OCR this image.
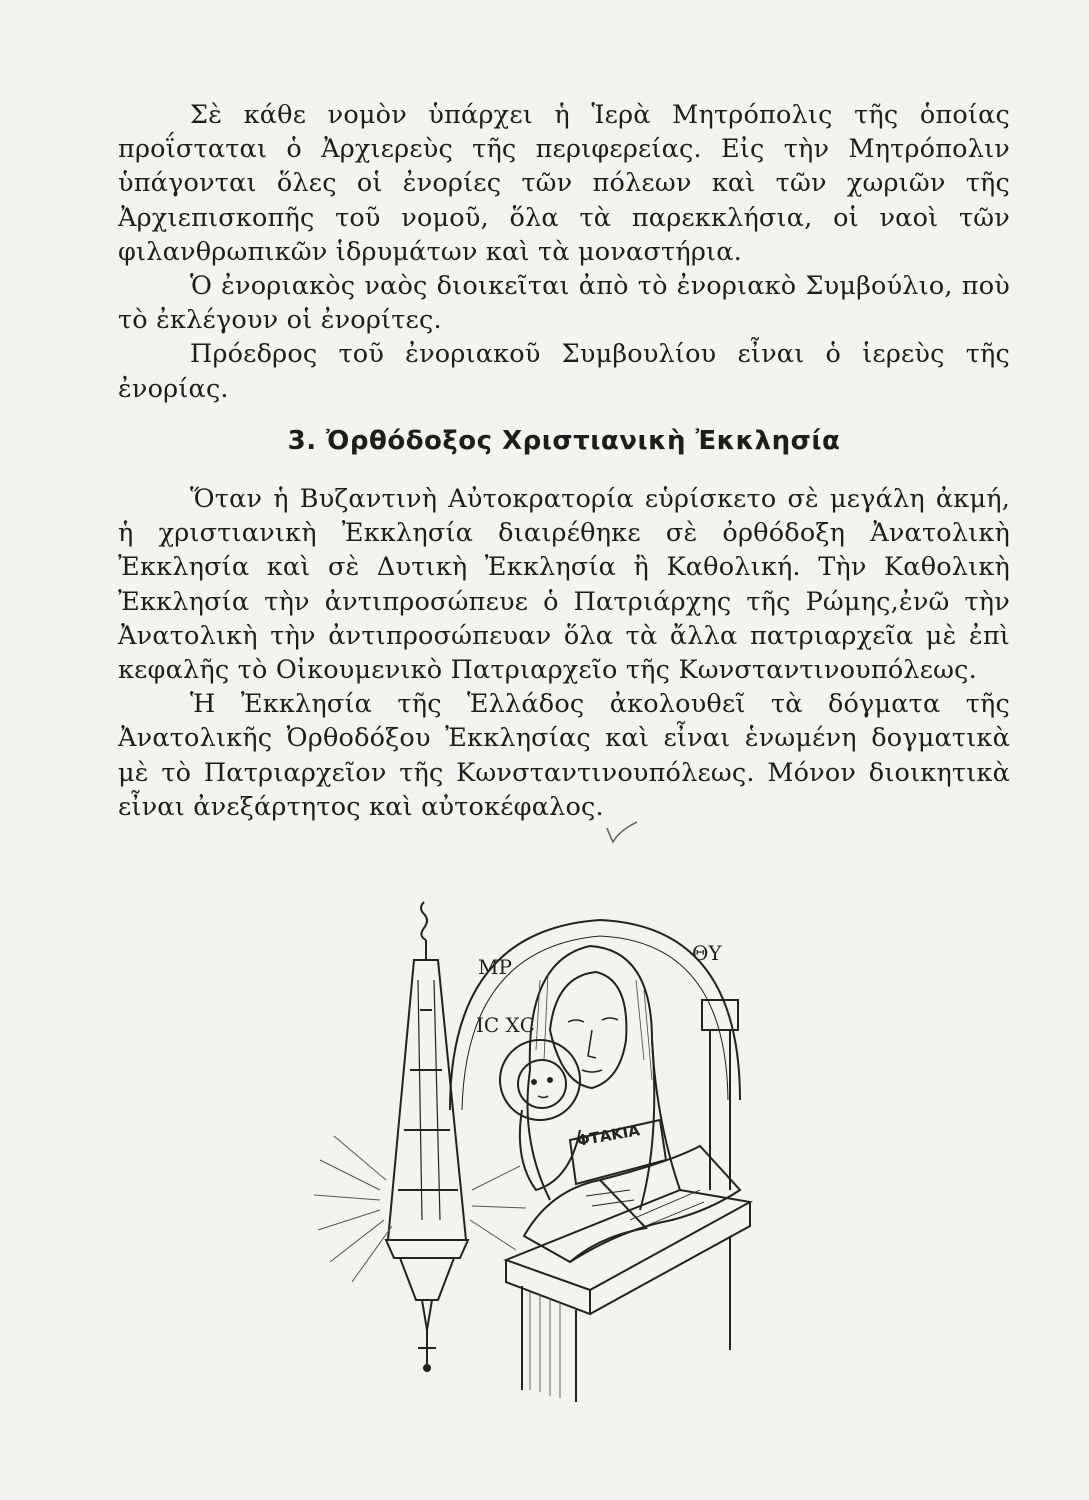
Σὲ κάθε νομὸν ὑπάρχει ἡ Ἱερὰ Μητρόπολις τῆς ὁποίας προΐσταται ὁ Ἀρχιερεὺς τῆς περιφερείας. Εἰς τὴν Μητρόπολιν ὑπάγονται ὅλες οἱ ἐνορίες τῶν πόλεων καὶ τῶν χωριῶν τῆς Ἀρχιεπισκοπῆς τοῦ νομοῦ, ὅλα τὰ παρεκκλήσια, οἱ ναοὶ τῶν φιλανθρωπικῶν ἱδρυμάτων καὶ τὰ μοναστήρια.

Ὁ ἐνοριακὸς ναὸς διοικεῖται ἀπὸ τὸ ἐνοριακὸ Συμβούλιο, ποὺ τὸ ἐκλέγουν οἱ ἐνορίτες.

Πρόεδρος τοῦ ἐνοριακοῦ Συμβουλίου εἶναι ὁ ἱερεὺς τῆς ἐνορίας.

3. Ὀρθόδοξος Χριστιανικὴ Ἐκκλησία

Ὅταν ἡ Βυζαντινὴ Αὐτοκρατορία εὑρίσκετο σὲ μεγάλη ἀκμή, ἡ χριστιανικὴ Ἐκκλησία διαιρέθηκε σὲ ὀρθόδοξη Ἀνατολικὴ Ἐκκλησία καὶ σὲ Δυτικὴ Ἐκκλησία ἢ Καθολική. Τὴν Καθολικὴ Ἐκκλησία τὴν ἀντιπροσώπευε ὁ Πατριάρχης τῆς Ρώμης,ἐνῶ τὴν Ἀνατολικὴ τὴν ἀντιπροσώπευαν ὅλα τὰ ἄλλα πατριαρχεῖα μὲ ἐπὶ κεφαλῆς τὸ Οἰκουμενικὸ Πατριαρχεῖο τῆς Κωνσταντινουπόλεως.

Ἡ Ἐκκλησία τῆς Ἑλλάδος ἀκολουθεῖ τὰ δόγματα τῆς Ἀνατολικῆς Ὀρθοδόξου Ἐκκλησίας καὶ εἶναι ἑνωμένη δογματικὰ μὲ τὸ Πατριαρχεῖον τῆς Κωνσταντινουπόλεως. Μόνον διοικητικὰ εἶναι ἀνεξάρτητος καὶ αὐτοκέφαλος.

ΜΡ
ΘΥ
ΙC ΧC
ΦΤΑΚΙΑ
